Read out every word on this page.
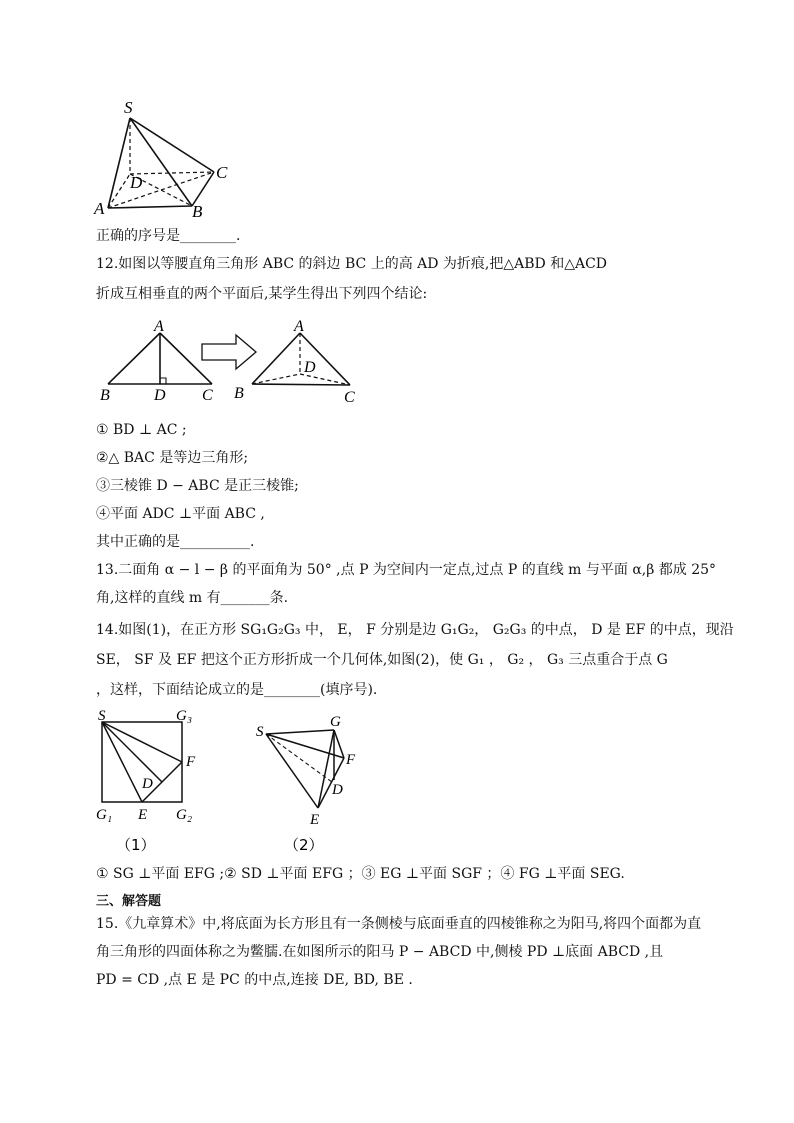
S
A	B
C
D
正确的序号是________.
12.如图以等腰直角三角形 ABC 的斜边 BC 上的高 AD 为折痕,把△ABD 和△ACD
折成互相垂直的两个平面后,某学生得出下列四个结论:
A
B	D C
A
D
B	C
① BD ⊥ AC ;
②△ BAC 是等边三角形;
③三棱锥 D − ABC 是正三棱锥;
④平面 ADC ⊥平面 ABC ,
其中正确的是__________.
13.二面角 α − l − β 的平面角为 50° ,点 P 为空间内一定点,过点 P 的直线 m 与平面 α,β 都成 25°
角,这样的直线 m 有_______条.
14.如图(1)，在正方形 SG₁G₂G₃ 中， E， F 分别是边 G₁G₂， G₂G₃ 的中点， D 是 EF 的中点，现沿
SE， SF 及 EF 把这个正方形折成一个几何体,如图(2)，使 G₁ ， G₂ ， G₃ 三点重合于点 G
，这样，下面结论成立的是________(填序号).
S	G₃
F
D
G₁ E G₂
（1）
S
G
F
D
E
（2）
① SG ⊥平面 EFG ;② SD ⊥平面 EFG ；③ EG ⊥平面 SGF ；④ FG ⊥平面 SEG.
三、解答题
15.《九章算术》中,将底面为长方形且有一条侧棱与底面垂直的四棱锥称之为阳马,将四个面都为直
角三角形的四面体称之为鳖臑.在如图所示的阳马 P − ABCD 中,侧棱 PD ⊥底面 ABCD ,且
PD = CD ,点 E 是 PC 的中点,连接 DE, BD, BE .
